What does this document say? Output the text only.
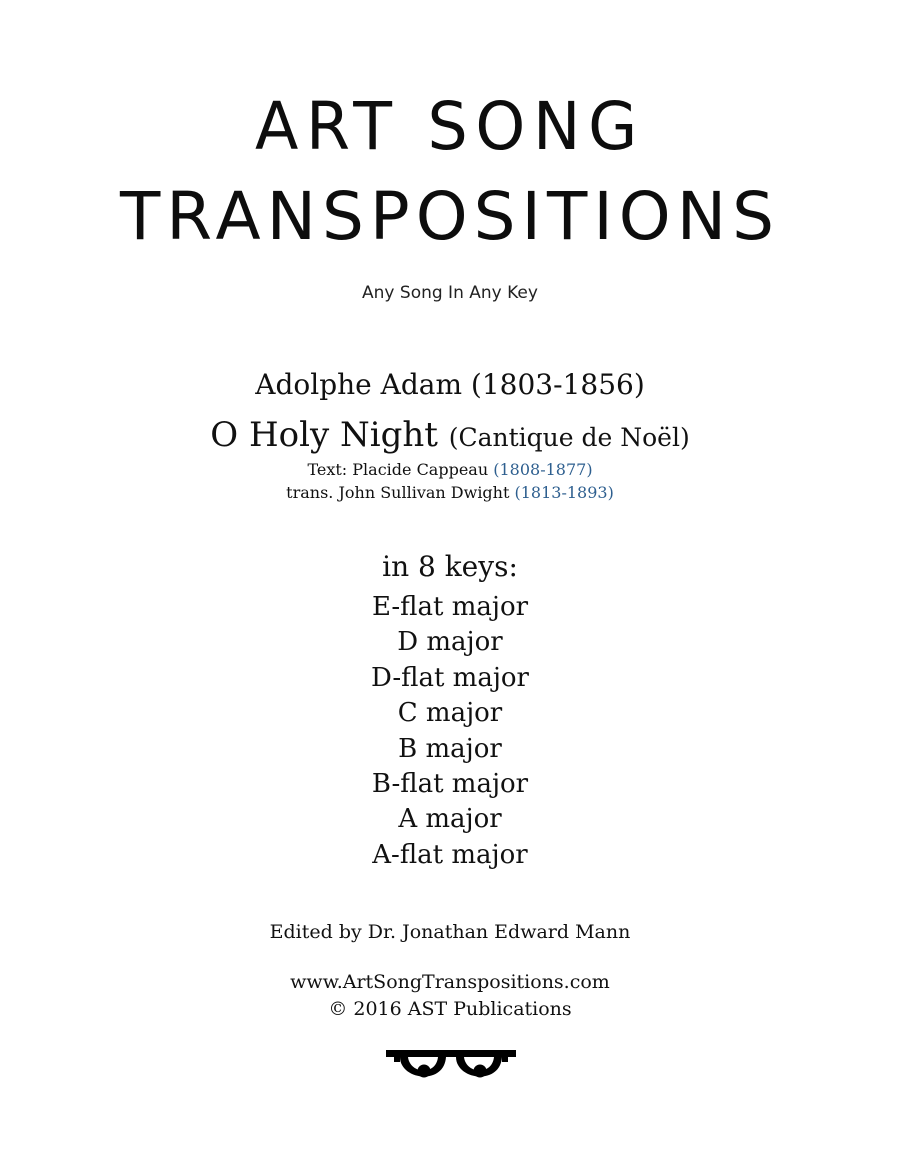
ART SONG
TRANSPOSITIONS
Any Song In Any Key
Adolphe Adam (1803-1856)
O Holy Night (Cantique de Noël)
Text: Placide Cappeau (1808-1877)
trans. John Sullivan Dwight (1813-1893)
in 8 keys:
E-flat major
D major
D-flat major
C major
B major
B-flat major
A major
A-flat major
Edited by Dr. Jonathan Edward Mann
www.ArtSongTranspositions.com
© 2016 AST Publications
